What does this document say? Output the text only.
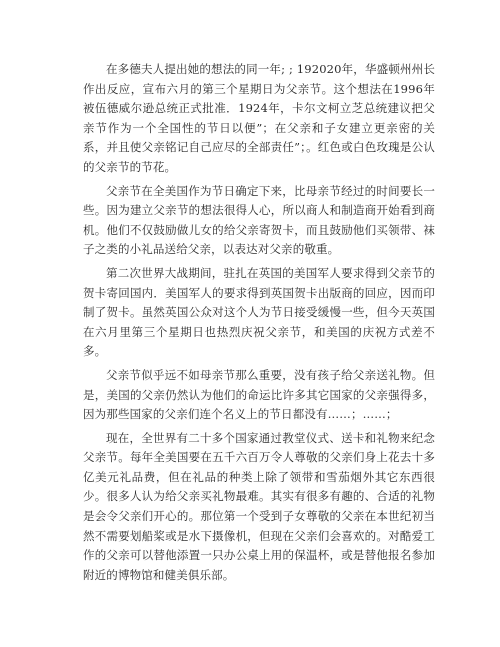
在多德夫人提出她的想法的同一年; ; 192020年，华盛顿州州长作出反应，宣布六月的第三个星期日为父亲节。这个想法在1996年被伍德威尔逊总统正式批准．1924年，卡尔文柯立芝总统建议把父亲节作为一个全国性的节日以便”；在父亲和子女建立更亲密的关系，并且使父亲铭记自己应尽的全部责任”；。红色或白色玫瑰是公认的父亲节的节花。

父亲节在全美国作为节日确定下来，比母亲节经过的时间要长一些。因为建立父亲节的想法很得人心，所以商人和制造商开始看到商机。他们不仅鼓励做儿女的给父亲寄贺卡，而且鼓励他们买领带、袜子之类的小礼品送给父亲，以表达对父亲的敬重。

第二次世界大战期间，驻扎在英国的美国军人要求得到父亲节的贺卡寄回国内．美国军人的要求得到英国贺卡出版商的回应，因而印制了贺卡。虽然英国公众对这个人为节日接受缓慢一些，但今天英国在六月里第三个星期日也热烈庆祝父亲节，和美国的庆祝方式差不多。

父亲节似乎远不如母亲节那么重要，没有孩子给父亲送礼物。但是，美国的父亲仍然认为他们的命运比许多其它国家的父亲强得多，因为那些国家的父亲们连个名义上的节日都没有……；……；

现在，全世界有二十多个国家通过教堂仪式、送卡和礼物来纪念父亲节。每年全美国要在五千六百万令人尊敬的父亲们身上花去十多亿美元礼品费，但在礼品的种类上除了领带和雪茄烟外其它东西很少。很多人认为给父亲买礼物最难。其实有很多有趣的、合适的礼物是会令父亲们开心的。那位第一个受到子女尊敬的父亲在本世纪初当然不需要划船桨或是水下摄像机，但现在父亲们会喜欢的。对酷爱工作的父亲可以替他添置一只办公桌上用的保温杯，或是替他报名参加附近的博物馆和健美俱乐部。
